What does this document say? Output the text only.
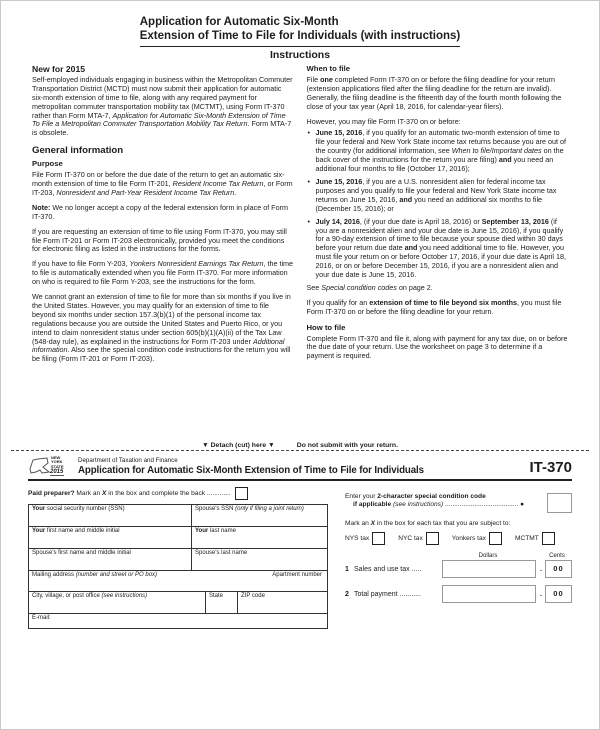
Application for Automatic Six-Month
Extension of Time to File for Individuals (with instructions)
Instructions
New for 2015

Self-employed individuals engaging in business within the Metropolitan Commuter Transportation District (MCTD) must now submit their application for automatic six-month extension of time to file, along with any required payment for metropolitan commuter transportation mobility tax (MCTMT), using Form IT-370 rather than Form MTA-7, Application for Automatic Six-Month Extension of Time To File a Metropolitan Commuter Transportation Mobility Tax Return. Form MTA-7 is obsolete.

General information
Purpose

File Form IT-370 on or before the due date of the return to get an automatic six-month extension of time to file Form IT-201, Resident Income Tax Return, or Form IT-203, Nonresident and Part-Year Resident Income Tax Return.

Note: We no longer accept a copy of the federal extension form in place of Form IT-370.

If you are requesting an extension of time to file using Form IT-370, you may still file Form IT-201 or Form IT-203 electronically, provided you meet the conditions for electronic filing as listed in the instructions for the forms.

If you have to file Form Y-203, Yonkers Nonresident Earnings Tax Return, the time to file is automatically extended when you file Form IT-370. For more information on who is required to file Form Y-203, see the instructions for the form.

We cannot grant an extension of time to file for more than six months if you live in the United States. However, you may qualify for an extension of time to file beyond six months under section 157.3(b)(1) of the personal income tax regulations because you are outside the United States and Puerto Rico, or you intend to claim nonresident status under section 605(b)(1)(A)(ii) of the Tax Law (548-day rule), as explained in the instructions for Form IT-203 under Additional information. Also see the special condition code instructions for the return you will be filing (Form IT-201 or Form IT-203).

When to file

File one completed Form IT-370 on or before the filing deadline for your return (extension applications filed after the filing deadline for the return are invalid). Generally, the filing deadline is the fifteenth day of the fourth month following the close of your tax year (April 18, 2016, for calendar-year filers).

However, you may file Form IT-370 on or before:

• June 15, 2016, if you qualify for an automatic two-month extension of time to file your federal and New York State income tax returns because you are out of the country (for additional information, see When to file/Important dates on the back cover of the instructions for the return you are filing) and you need an additional four months to file (October 17, 2016);
• June 15, 2016, if you are a U.S. nonresident alien for federal income tax purposes and you qualify to file your federal and New York State income tax returns on June 15, 2016, and you need an additional six months to file (December 15, 2016); or
• July 14, 2016, (if your due date is April 18, 2016) or September 13, 2016 (if you are a nonresident alien and your due date is June 15, 2016), if you qualify for a 90-day extension of time to file because your spouse died within 30 days before your return due date and you need additional time to file. However, you must file your return on or before October 17, 2016, if your due date is April 18, 2016, or on or before December 15, 2016, if you are a nonresident alien and your due date is June 15, 2016.

See Special condition codes on page 2.

If you qualify for an extension of time to file beyond six months, you must file Form IT-370 on or before the filing deadline for your return.

How to file

Complete Form IT-370 and file it, along with payment for any tax due, on or before the due date of your return. Use the worksheet on page 3 to determine if a payment is required.

▼ Detach (cut) here ▼	Do not submit with your return.
NEW
YORK
STATE
2015
Department of Taxation and Finance
Application for Automatic Six-Month Extension of Time to File for Individuals	IT-370
Paid preparer? Mark an X in the box and complete the back .............
Your social security number (SSN)	Spouse's SSN (only if filing a joint return)
Your first name and middle initial	Your last name
Spouse's first name and middle initial	Spouse's last name
Mailing address (number and street or PO box)	Apartment number
City, village, or post office (see instructions)	State	ZIP code
E-mail:
Enter your 2-character special condition code
if applicable (see instructions) ........................................ ●
Mark an X in the box for each tax that you are subject to:
NYS tax	NYC tax	Yonkers tax	MCTMT
Dollars	Cents
1 Sales and use tax .....	.	00
2 Total payment ...........	.	00
